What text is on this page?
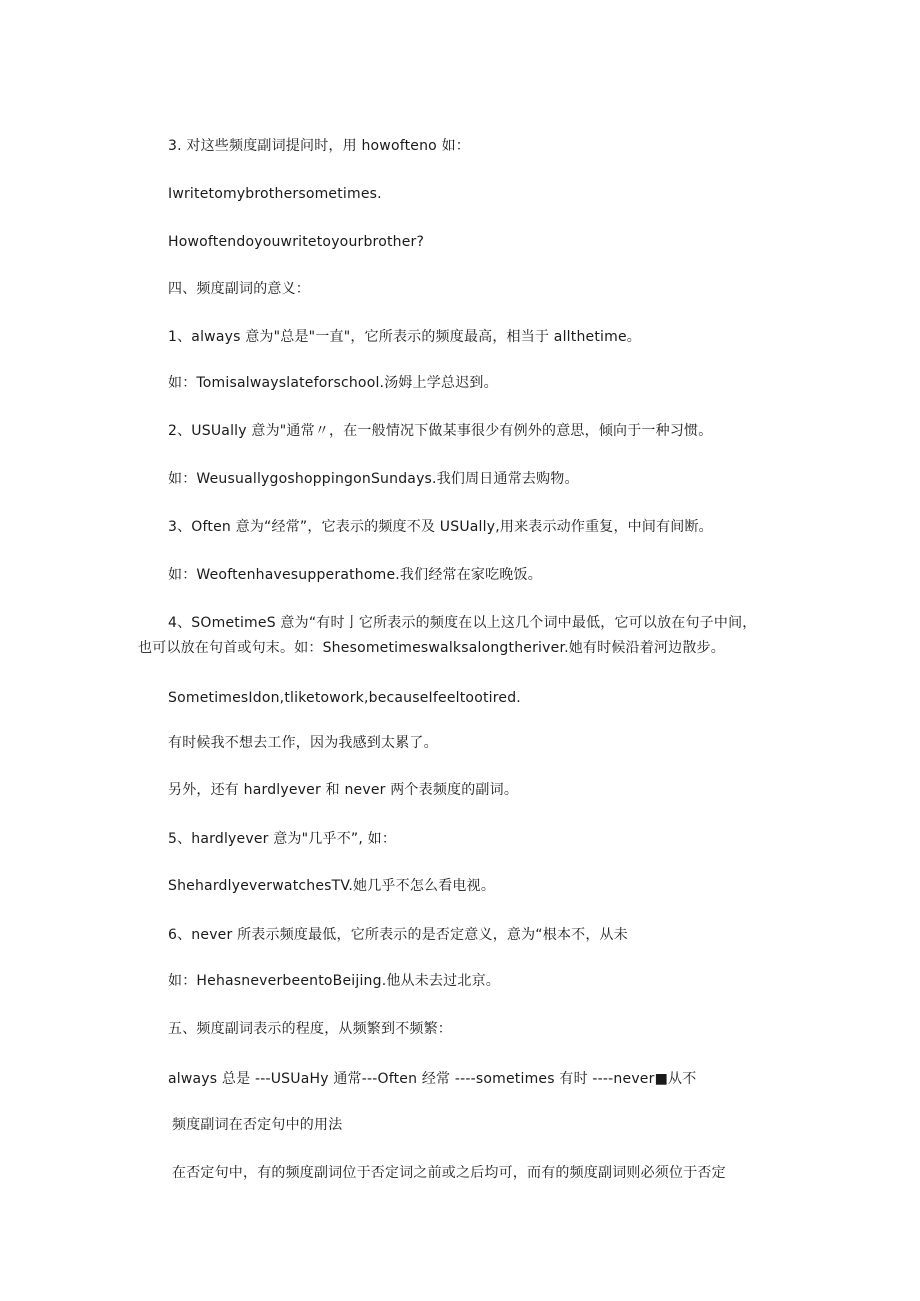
3. 对这些频度副词提问时，用 howofteno 如：
Iwritetomybrothersometimes.
Howoftendoyouwritetoyourbrother?
四、频度副词的意义：
1、always 意为"总是"一直"，它所表示的频度最高，相当于 allthetime。
如：Tomisalwayslateforschool.汤姆上学总迟到。
2、USUally 意为"通常〃，在一般情况下做某事很少有例外的意思，倾向于一种习惯。
如：WeusuallygoshoppingonSundays.我们周日通常去购物。
3、Often 意为“经常”，它表示的频度不及 USUally,用来表示动作重复，中间有间断。
如：Weoftenhavesupperathome.我们经常在家吃晚饭。
4、SOmetimeS 意为“有时亅它所表示的频度在以上这几个词中最低，它可以放在句子中间，
也可以放在句首或句末。如：Shesometimeswalksalongtheriver.她有时候沿着河边散步。
SometimesIdon,tliketowork,becauseIfeeltootired.
有时候我不想去工作，因为我感到太累了。
另外，还有 hardlyever 和 never 两个表频度的副词。
5、hardlyever 意为"几乎不”, 如：
ShehardlyeverwatchesTV.她几乎不怎么看电视。
6、never 所表示频度最低，它所表示的是否定意义，意为“根本不，从未
如：HehasneverbeentoBeijing.他从未去过北京。
五、频度副词表示的程度，从频繁到不频繁：
always 总是 ---USUaHy 通常---Often 经常 ----sometimes 有时 ----never■从不
频度副词在否定句中的用法
在否定句中，有的频度副词位于否定词之前或之后均可，而有的频度副词则必须位于否定
